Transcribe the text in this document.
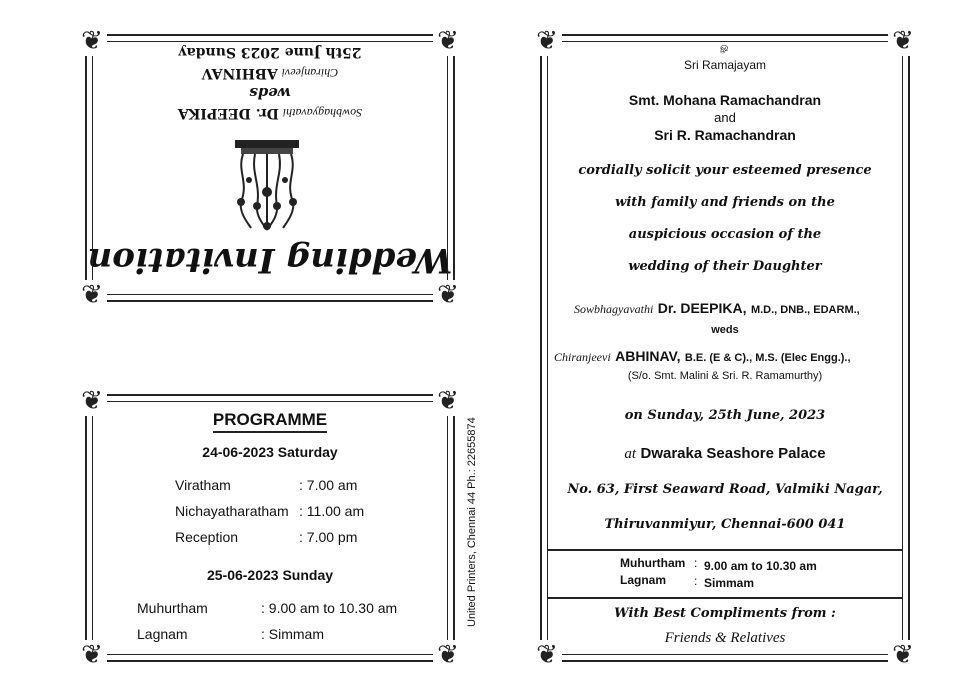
❦	❦
❦	❦
Wedding Invitation
Sowbhagyavathi Dr. DEEPIKA
weds
Chiranjeevi ABHINAV
25th June 2023 Sunday
❦	❦
❦	❦
PROGRAMME
24-06-2023 Saturday
Viratham	: 7.00 am
Nichayatharatham : 11.00 am
Reception	: 7.00 pm
25-06-2023 Sunday
Muhurtham	: 9.00 am to 10.30 am
Lagnam	: Simmam
United Printers, Chennai 44 Ph.: 22655874
❦	❦
❦	❦
ௐ
Sri Ramajayam
Smt. Mohana Ramachandran
and
Sri R. Ramachandran
cordially solicit your esteemed presence
with family and friends on the
auspicious occasion of the
wedding of their Daughter
Sowbhagyavathi Dr. DEEPIKA, M.D., DNB., EDARM.,
weds
Chiranjeevi ABHINAV, B.E. (E & C)., M.S. (Elec Engg.).,
(S/o. Smt. Malini & Sri. R. Ramamurthy)
on Sunday, 25th June, 2023
at Dwaraka Seashore Palace
No. 63, First Seaward Road, Valmiki Nagar,
Thiruvanmiyur, Chennai-600 041
Muhurtham : 9.00 am to 10.30 am
Lagnam : Simmam
With Best Compliments from :
Friends & Relatives
